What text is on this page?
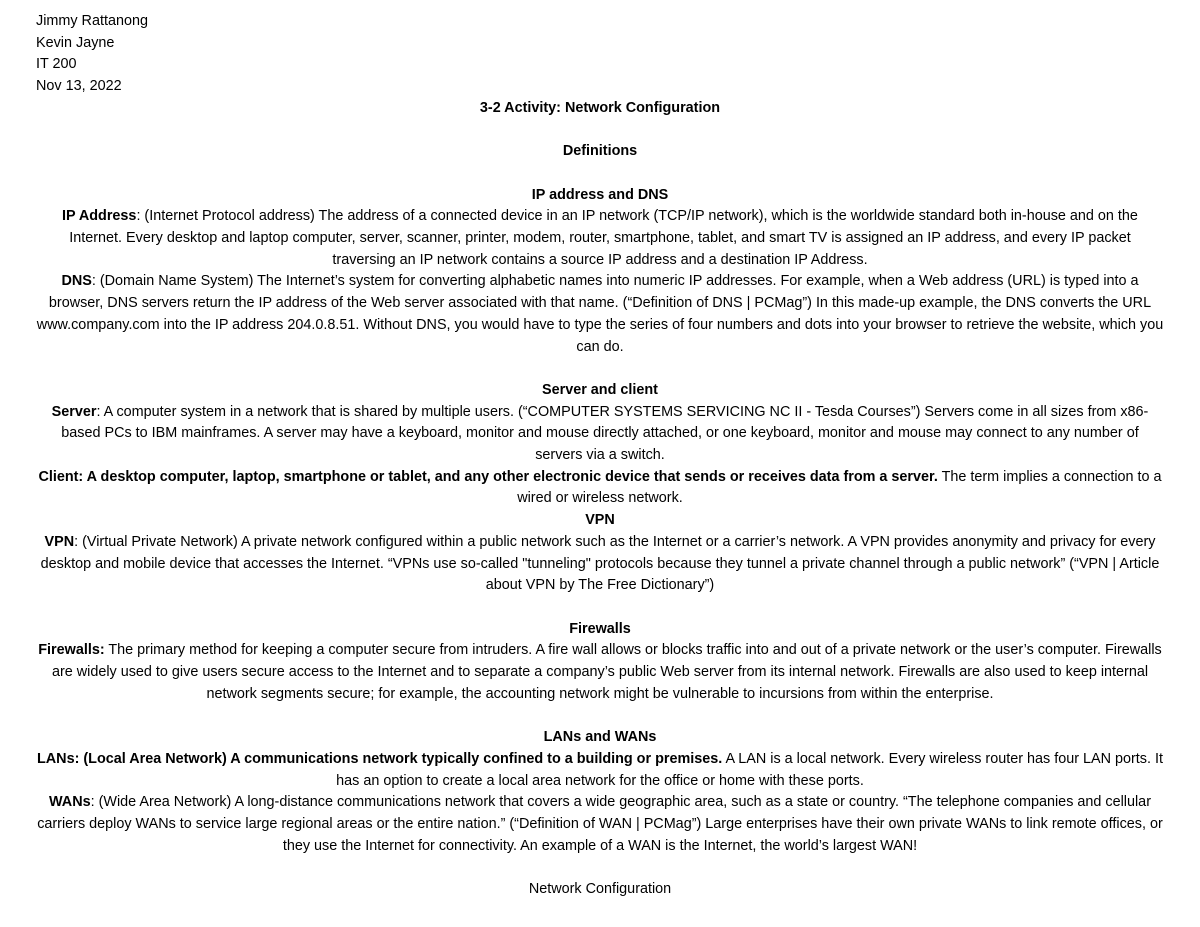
Jimmy Rattanong
Kevin Jayne
IT 200
Nov 13, 2022
3-2 Activity: Network Configuration
Definitions
IP address and DNS
IP Address: (Internet Protocol address) The address of a connected device in an IP network (TCP/IP network), which is the worldwide standard both in-house and on the Internet. Every desktop and laptop computer, server, scanner, printer, modem, router, smartphone, tablet, and smart TV is assigned an IP address, and every IP packet traversing an IP network contains a source IP address and a destination IP Address.
DNS: (Domain Name System) The Internet’s system for converting alphabetic names into numeric IP addresses. For example, when a Web address (URL) is typed into a browser, DNS servers return the IP address of the Web server associated with that name. (“Definition of DNS | PCMag”) In this made-up example, the DNS converts the URL www.company.com into the IP address 204.0.8.51. Without DNS, you would have to type the series of four numbers and dots into your browser to retrieve the website, which you can do.
Server and client
Server: A computer system in a network that is shared by multiple users. (“COMPUTER SYSTEMS SERVICING NC II - Tesda Courses”) Servers come in all sizes from x86-based PCs to IBM mainframes. A server may have a keyboard, monitor and mouse directly attached, or one keyboard, monitor and mouse may connect to any number of servers via a switch.
Client: A desktop computer, laptop, smartphone or tablet, and any other electronic device that sends or receives data from a server. The term implies a connection to a wired or wireless network.
VPN
VPN: (Virtual Private Network) A private network configured within a public network such as the Internet or a carrier’s network. A VPN provides anonymity and privacy for every desktop and mobile device that accesses the Internet. “VPNs use so-called "tunneling" protocols because they tunnel a private channel through a public network” (“VPN | Article about VPN by The Free Dictionary”)
Firewalls
Firewalls: The primary method for keeping a computer secure from intruders. A fire wall allows or blocks traffic into and out of a private network or the user’s computer. Firewalls are widely used to give users secure access to the Internet and to separate a company’s public Web server from its internal network. Firewalls are also used to keep internal network segments secure; for example, the accounting network might be vulnerable to incursions from within the enterprise.
LANs and WANs
LANs: (Local Area Network) A communications network typically confined to a building or premises. A LAN is a local network. Every wireless router has four LAN ports. It has an option to create a local area network for the office or home with these ports.
WANs: (Wide Area Network) A long-distance communications network that covers a wide geographic area, such as a state or country. “The telephone companies and cellular carriers deploy WANs to service large regional areas or the entire nation.” (“Definition of WAN | PCMag”) Large enterprises have their own private WANs to link remote offices, or they use the Internet for connectivity. An example of a WAN is the Internet, the world’s largest WAN!
Network Configuration
